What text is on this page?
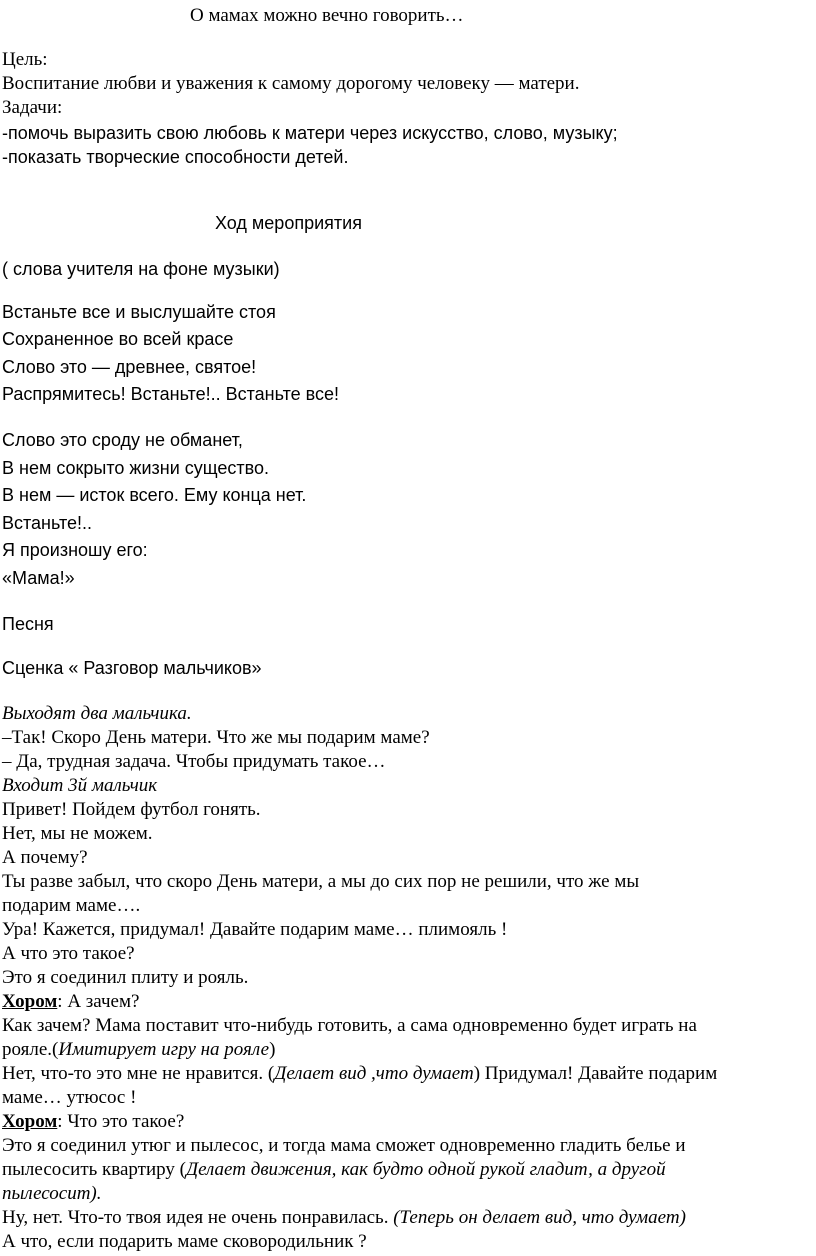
О мамах можно вечно говорить…
Цель:
Воспитание любви и уважения к самому дорогому человеку — матери.
Задачи:
-помочь выразить свою любовь к матери через искусство, слово, музыку;
-показать творческие способности детей.
Ход мероприятия
( слова учителя на фоне музыки)
Встаньте все и выслушайте стоя
Сохраненное во всей красе
Слово это — древнее, святое!
Распрямитесь! Встаньте!.. Встаньте все!
Слово это сроду не обманет,
В нем сокрыто жизни существо.
В нем — исток всего. Ему конца нет.
Встаньте!..
Я произношу его:
«Мама!»
Песня
Сценка « Разговор мальчиков»
Выходят два мальчика.
–Так! Скоро День матери. Что же мы подарим маме?
– Да, трудная задача. Чтобы придумать такое…
Входит 3й мальчик
Привет! Пойдем футбол гонять.
Нет, мы не можем.
А почему?
Ты разве забыл, что скоро День матери, а мы до сих пор не решили, что же мы
подарим маме….
Ура! Кажется, придумал! Давайте подарим маме… плимояль !
А что это такое?
Это я соединил плиту и рояль.
Хором: А зачем?
Как зачем? Мама поставит что-нибудь готовить, а сама одновременно будет играть на
рояле.(Имитирует игру на рояле)
Нет, что-то это мне не нравится. (Делает вид ,что думает) Придумал! Давайте подарим
маме… утюсос !
Хором: Что это такое?
Это я соединил утюг и пылесос, и тогда мама сможет одновременно гладить белье и
пылесосить квартиру (Делает движения, как будто одной рукой гладит, а другой
пылесосит).
Ну, нет. Что-то твоя идея не очень понравилась. (Теперь он делает вид, что думает)
А что, если подарить маме сковородильник ?
